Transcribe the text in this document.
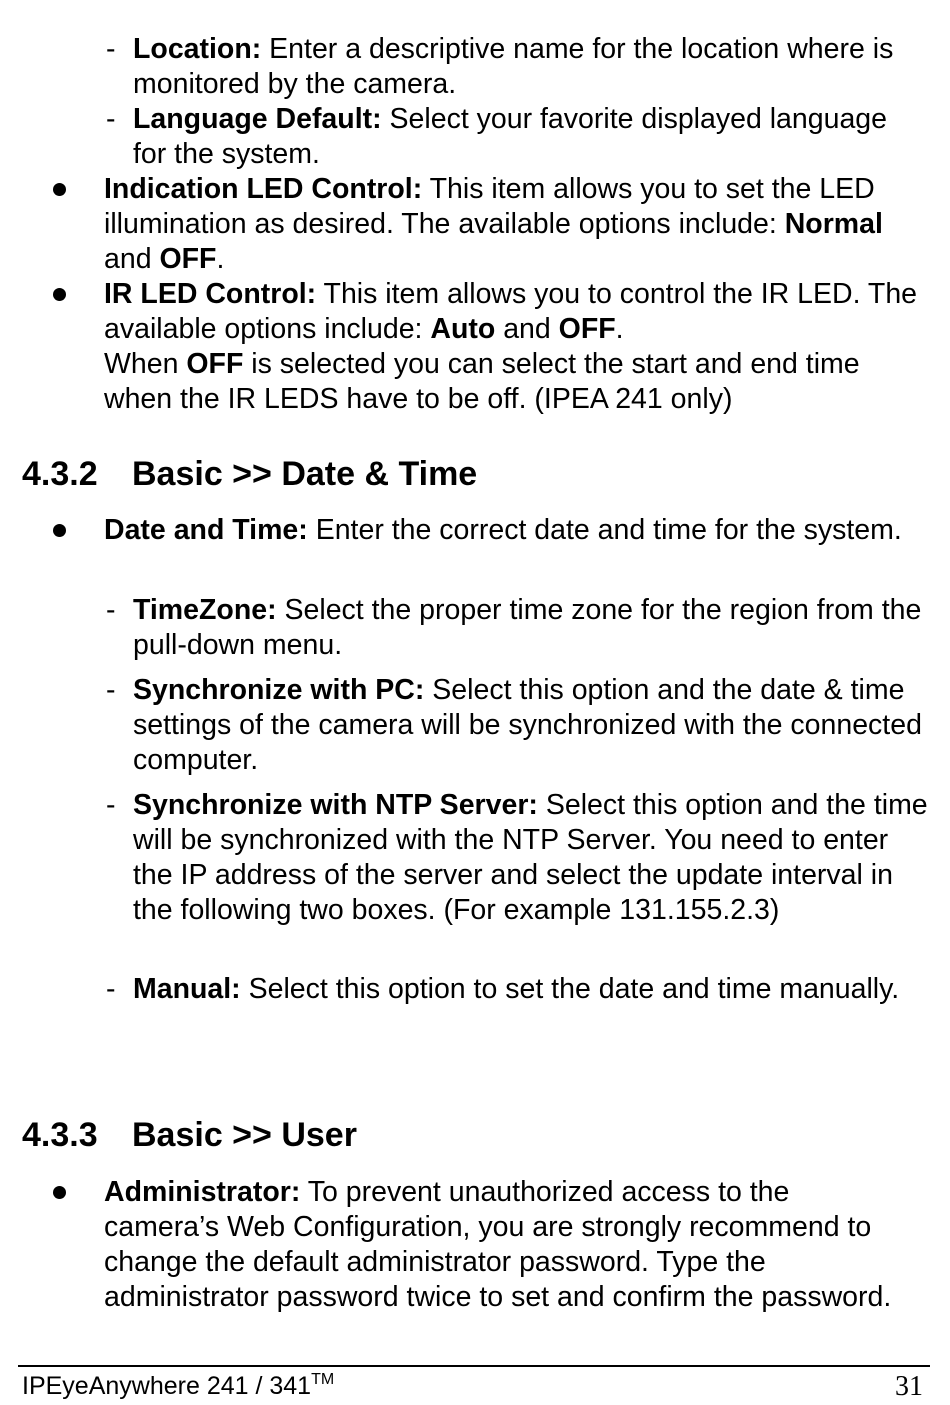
- Location: Enter a descriptive name for the location where is monitored by the camera.
- Language Default: Select your favorite displayed language for the system.
Indication LED Control: This item allows you to set the LED illumination as desired. The available options include: Normal and OFF.
IR LED Control: This item allows you to control the IR LED. The available options include: Auto and OFF.
When OFF is selected you can select the start and end time when the IR LEDS have to be off. (IPEA 241 only)
4.3.2 Basic >> Date & Time
Date and Time: Enter the correct date and time for the system.
- TimeZone: Select the proper time zone for the region from the pull-down menu.
- Synchronize with PC: Select this option and the date & time settings of the camera will be synchronized with the connected computer.
- Synchronize with NTP Server: Select this option and the time will be synchronized with the NTP Server. You need to enter the IP address of the server and select the update interval in the following two boxes. (For example 131.155.2.3)
- Manual: Select this option to set the date and time manually.
4.3.3 Basic >> User
Administrator: To prevent unauthorized access to the camera’s Web Configuration, you are strongly recommend to change the default administrator password. Type the administrator password twice to set and confirm the password.
IPEyeAnywhere 241 / 341™	31
